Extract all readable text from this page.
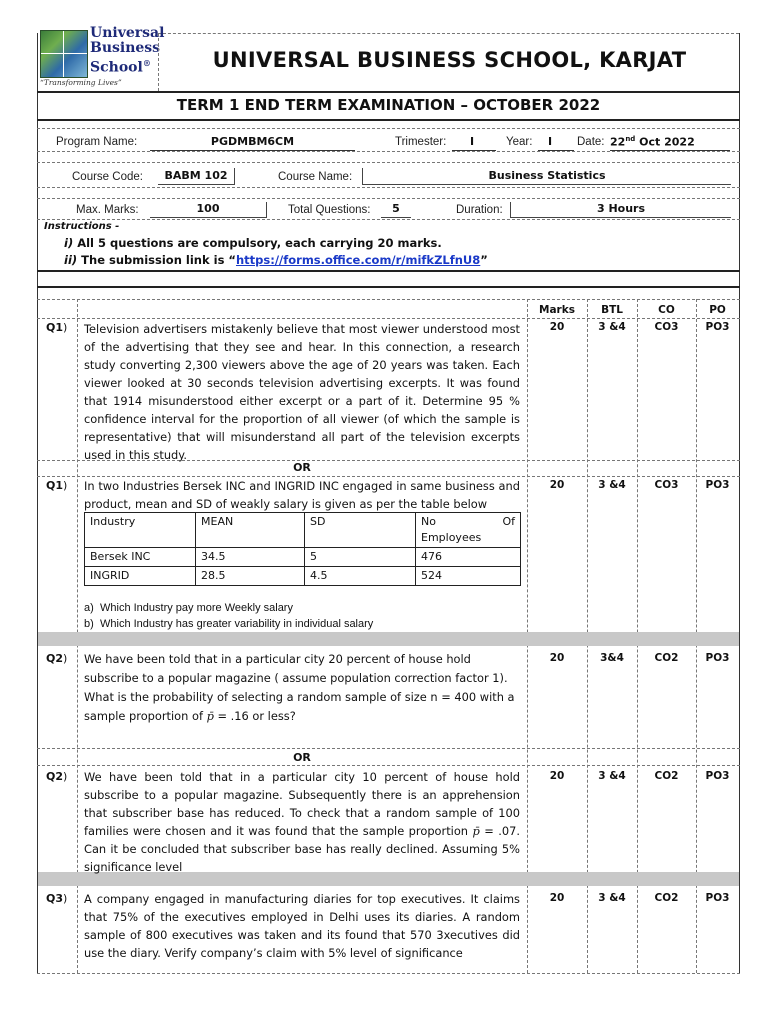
Universal
Business
School®
“Transforming Lives”
UNIVERSAL BUSINESS SCHOOL, KARJAT
TERM 1 END TERM EXAMINATION – OCTOBER 2022
Program Name:	PGDMBM6CM	Trimester:	I	Year:	I	Date: 22nd Oct 2022
Course Code:	BABM 102	Course Name:	Business Statistics
Max. Marks:	100	Total Questions:	5	Duration:	3 Hours
Instructions -
i) All 5 questions are compulsory, each carrying 20 marks.
ii) The submission link is “https://forms.office.com/r/mifkZLfnU8”
Marks	BTL	CO	PO
Q1) Television advertisers mistakenly believe that most viewer understood most of the advertising that they see and hear. In this connection, a research study converting 2,300 viewers above the age of 20 years was taken. Each viewer looked at 30 seconds television advertising excerpts. It was found that 1914 misunderstood either excerpt or a part of it. Determine 95 % confidence interval for the proportion of all viewer (of which the sample is representative) that will misunderstand all part of the television excerpts used in this study.
20	3 &4	CO3	PO3
OR
Q1) In two Industries Bersek INC and INGRID INC engaged in same business and product, mean and SD of weakly salary is given as per the table below
20	3 &4	CO3	PO3
Industry	MEAN	SD	No Of
Employees

Bersek INC	34.5	5	476
INGRID	28.5	4.5	524
a) Which Industry pay more Weekly salary
b) Which Industry has greater variability in individual salary
Q2) We have been told that in a particular city 20 percent of house hold subscribe to a popular magazine ( assume population correction factor 1). What is the probability of selecting a random sample of size n = 400 with a sample proportion of p̄ = .16 or less?
20	3&4	CO2	PO3
OR
Q2) We have been told that in a particular city 10 percent of house hold subscribe to a popular magazine. Subsequently there is an apprehension that subscriber base has reduced. To check that a random sample of 100 families were chosen and it was found that the sample proportion p̄ = .07. Can it be concluded that subscriber base has really declined. Assuming 5% significance level
20	3 &4	CO2	PO3
Q3) A company engaged in manufacturing diaries for top executives. It claims that 75% of the executives employed in Delhi uses its diaries. A random sample of 800 executives was taken and its found that 570 3xecutives did use the diary. Verify company’s claim with 5% level of significance
20	3 &4	CO2	PO3
